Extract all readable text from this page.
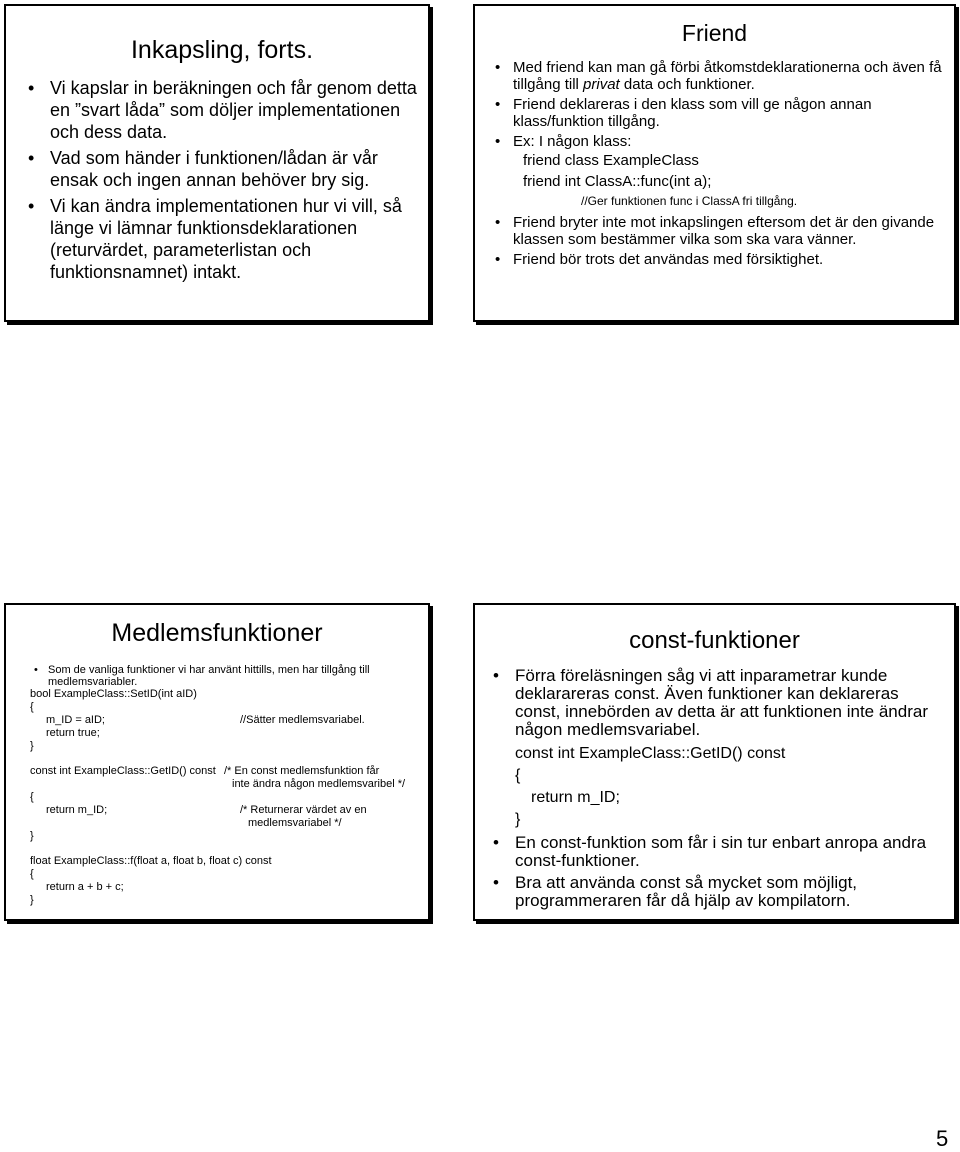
Inkapsling, forts.
• Vi kapslar in beräkningen och får genom detta en ”svart låda” som döljer implementationen och dess data.
• Vad som händer i funktionen/lådan är vår ensak och ingen annan behöver bry sig.
• Vi kan ändra implementationen hur vi vill, så länge vi lämnar funktionsdeklarationen (returvärdet, parameterlistan och funktionsnamnet) intakt.
Friend
• Med friend kan man gå förbi åtkomstdeklarationerna och även få tillgång till privat data och funktioner.
• Friend deklareras i den klass som vill ge någon annan klass/funktion tillgång.
• Ex: I någon klass:
friend class ExampleClass
friend int ClassA::func(int a);
//Ger funktionen func i ClassA fri tillgång.
• Friend bryter inte mot inkapslingen eftersom det är den givande klassen som bestämmer vilka som ska vara vänner.
• Friend bör trots det användas med försiktighet.
Medlemsfunktioner
• Som de vanliga funktioner vi har använt hittills, men har tillgång till medlemsvariabler.
bool ExampleClass::SetID(int aID)
{
m_ID = aID;	//Sätter medlemsvariabel.
return true;
}
const int ExampleClass::GetID() const /* En const medlemsfunktion får
inte ändra någon medlemsvaribel */
{
return m_ID;	/* Returnerar värdet av en
medlemsvariabel */
}
float ExampleClass::f(float a, float b, float c) const
{
return a + b + c;
}
const-funktioner
• Förra föreläsningen såg vi att inparametrar kunde deklarareras const. Även funktioner kan deklareras const, innebörden av detta är att funktionen inte ändrar någon medlemsvariabel.
const int ExampleClass::GetID() const
{
return m_ID;
}
• En const-funktion som får i sin tur enbart anropa andra const-funktioner.
• Bra att använda const så mycket som möjligt, programmeraren får då hjälp av kompilatorn.
5
